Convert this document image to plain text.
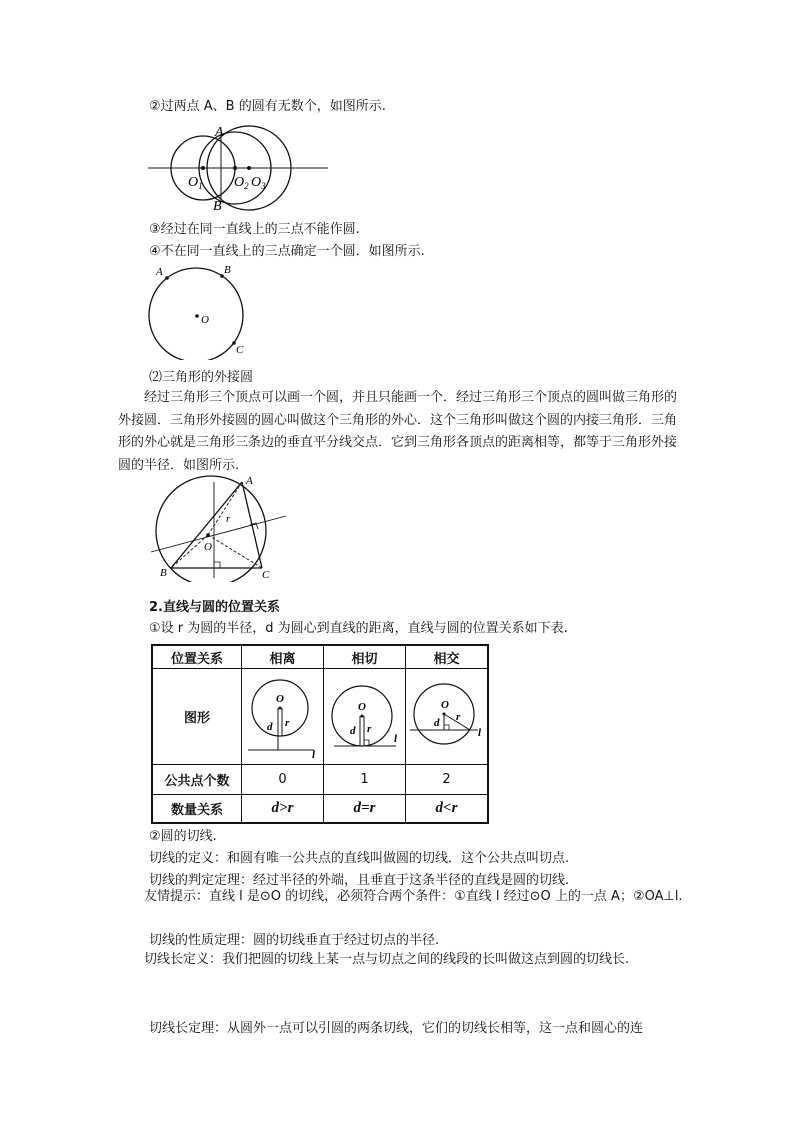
②过两点 A、B 的圆有无数个，如图所示.
A
B
$O_1$ $O_2$ $O_3$
③经过在同一直线上的三点不能作圆.
④不在同一直线上的三点确定一个圆．如图所示.
A	B
C
O
⑵三角形的外接圆
经过三角形三个顶点可以画一个圆，并且只能画一个．经过三角形三个顶点的圆叫做三角形的外接圆．三角形外接圆的圆心叫做这个三角形的外心．这个三角形叫做这个圆的内接三角形．三角形的外心就是三角形三条边的垂直平分线交点．它到三角形各顶点的距离相等，都等于三角形外接圆的半径．如图所示.
A
B	C
O
r
2.直线与圆的位置关系
①设 r 为圆的半径，d 为圆心到直线的距离，直线与圆的位置关系如下表.
位置关系	相离	相切	相交
图形	O
d r
l	O
d r
l	O
d r
l

公共点个数	0	1	2
数量关系	d>r	d=r	d<r
②圆的切线.
切线的定义：和圆有唯一公共点的直线叫做圆的切线．这个公共点叫切点.
切线的判定定理：经过半径的外端，且垂直于这条半径的直线是圆的切线.
友情提示：直线 l 是⊙O 的切线，必须符合两个条件：①直线 l 经过⊙O 上的一点 A；②OA⊥l.
切线的性质定理：圆的切线垂直于经过切点的半径.
切线长定义：我们把圆的切线上某一点与切点之间的线段的长叫做这点到圆的切线长.
切线长定理：从圆外一点可以引圆的两条切线，它们的切线长相等，这一点和圆心的连
